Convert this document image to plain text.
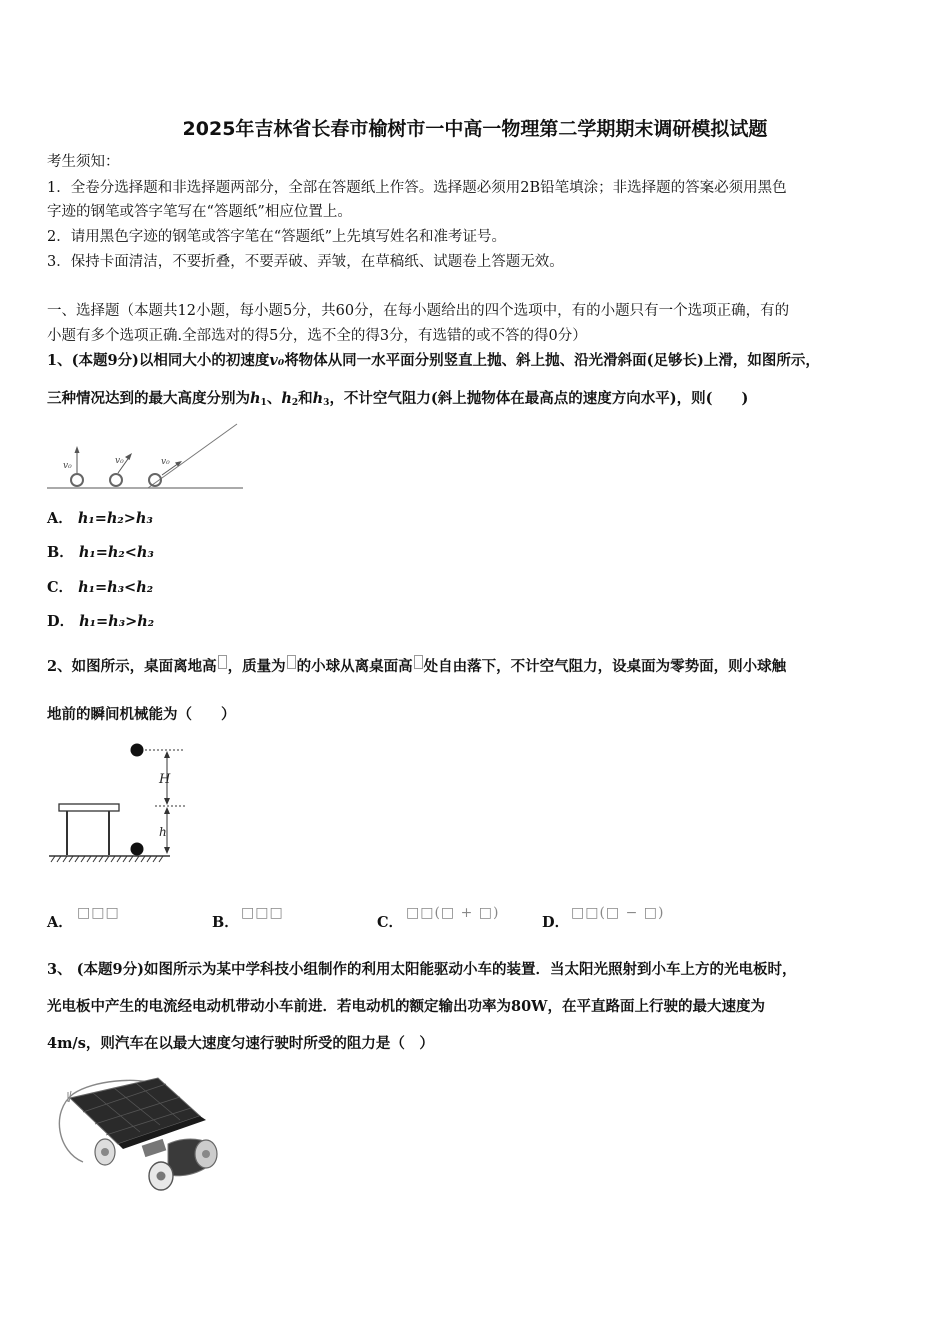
2025年吉林省长春市榆树市一中高一物理第二学期期末调研模拟试题
考生须知：
1．全卷分选择题和非选择题两部分，全部在答题纸上作答。选择题必须用2B铅笔填涂；非选择题的答案必须用黑色
字迹的钢笔或答字笔写在“答题纸”相应位置上。
2．请用黑色字迹的钢笔或答字笔在“答题纸”上先填写姓名和准考证号。
3．保持卡面清洁，不要折叠，不要弄破、弄皱，在草稿纸、试题卷上答题无效。
一、选择题（本题共12小题，每小题5分，共60分，在每小题给出的四个选项中，有的小题只有一个选项正确，有的
小题有多个选项正确.全部选对的得5分，选不全的得3分，有选错的或不答的得0分）
1、(本题9分)以相同大小的初速度v₀将物体从同一水平面分别竖直上抛、斜上抛、沿光滑斜面(足够长)上滑，如图所示，
三种情况达到的最大高度分别为$h_1$、$h_2$和$h_3$，不计空气阻力(斜上抛物体在最高点的速度方向水平)，则(　　)
v₀	v₀	v₀
A． h₁=h₂>h₃
B． h₁=h₂<h₃
C． h₁=h₃<h₂
D． h₁=h₃>h₂
2、如图所示，桌面离地高 ，质量为 的小球从离桌面高 处自由落下，不计空气阻力，设桌面为零势面，则小球触
地前的瞬间机械能为（　　）
H
h
A．
□□□
B．
□□□
C．
□□(□ + □)
D．
□□(□ − □)
3、 (本题9分)如图所示为某中学科技小组制作的利用太阳能驱动小车的装置．当太阳光照射到小车上方的光电板时，
光电板中产生的电流经电动机带动小车前进．若电动机的额定输出功率为80W，在平直路面上行驶的最大速度为
4m/s，则汽车在以最大速度匀速行驶时所受的阻力是（　）
